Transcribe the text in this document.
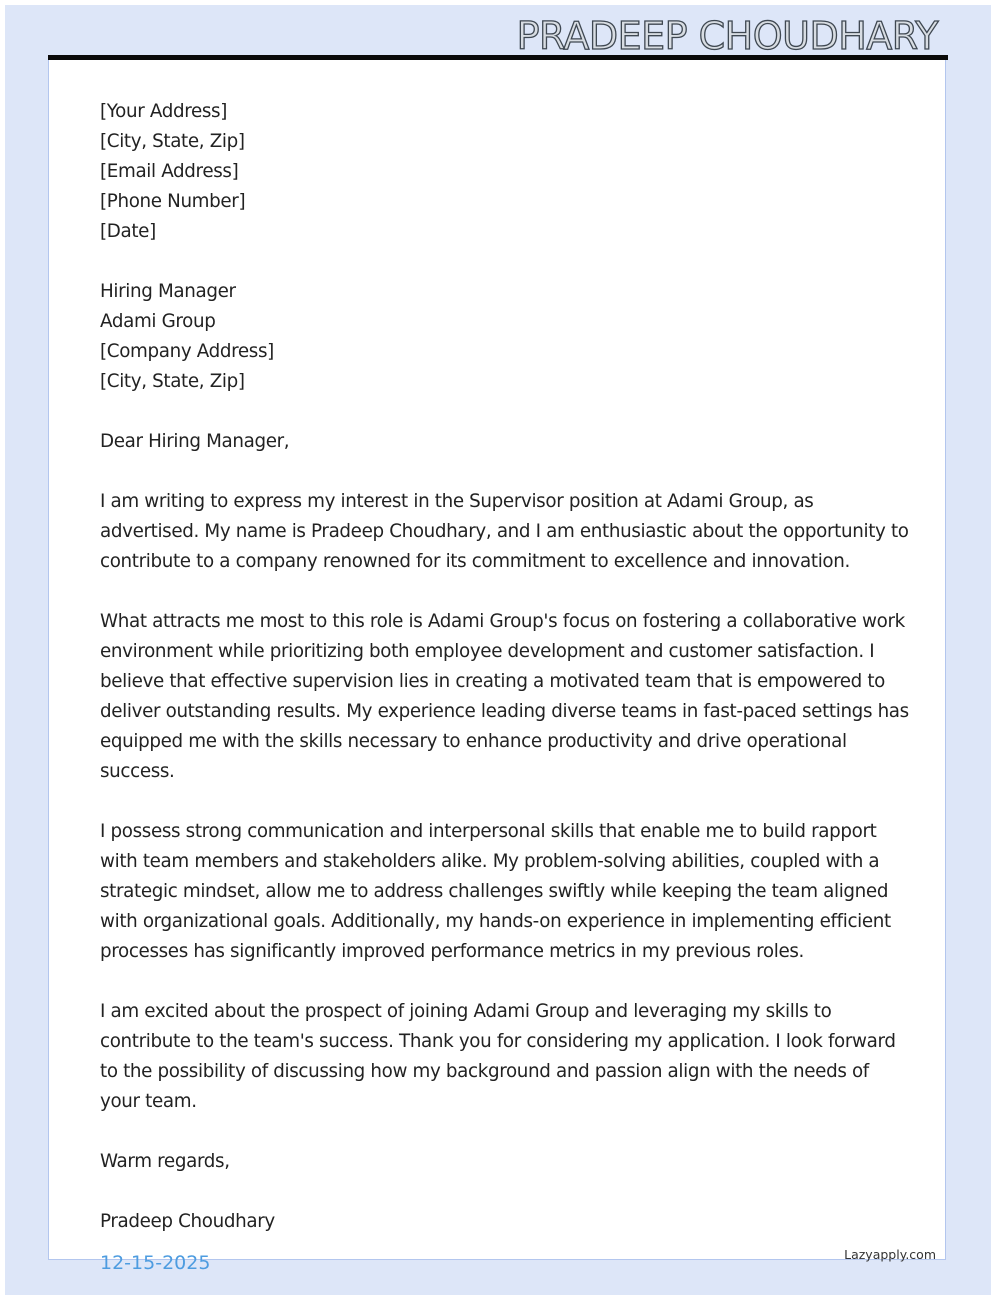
PRADEEP CHOUDHARY

[Your Address]
[City, State, Zip]
[Email Address]
[Phone Number]
[Date]

Hiring Manager
Adami Group
[Company Address]
[City, State, Zip]

Dear Hiring Manager,

I am writing to express my interest in the Supervisor position at Adami Group, as advertised. My name is Pradeep Choudhary, and I am enthusiastic about the opportunity to contribute to a company renowned for its commitment to excellence and innovation.

What attracts me most to this role is Adami Group's focus on fostering a collaborative work environment while prioritizing both employee development and customer satisfaction. I believe that effective supervision lies in creating a motivated team that is empowered to deliver outstanding results. My experience leading diverse teams in fast-paced settings has equipped me with the skills necessary to enhance productivity and drive operational success.

I possess strong communication and interpersonal skills that enable me to build rapport with team members and stakeholders alike. My problem-solving abilities, coupled with a strategic mindset, allow me to address challenges swiftly while keeping the team aligned with organizational goals. Additionally, my hands-on experience in implementing efficient processes has significantly improved performance metrics in my previous roles.

I am excited about the prospect of joining Adami Group and leveraging my skills to contribute to the team's success. Thank you for considering my application. I look forward to the possibility of discussing how my background and passion align with the needs of your team.

Warm regards,

Pradeep Choudhary

12-15-2025	Lazyapply.com
